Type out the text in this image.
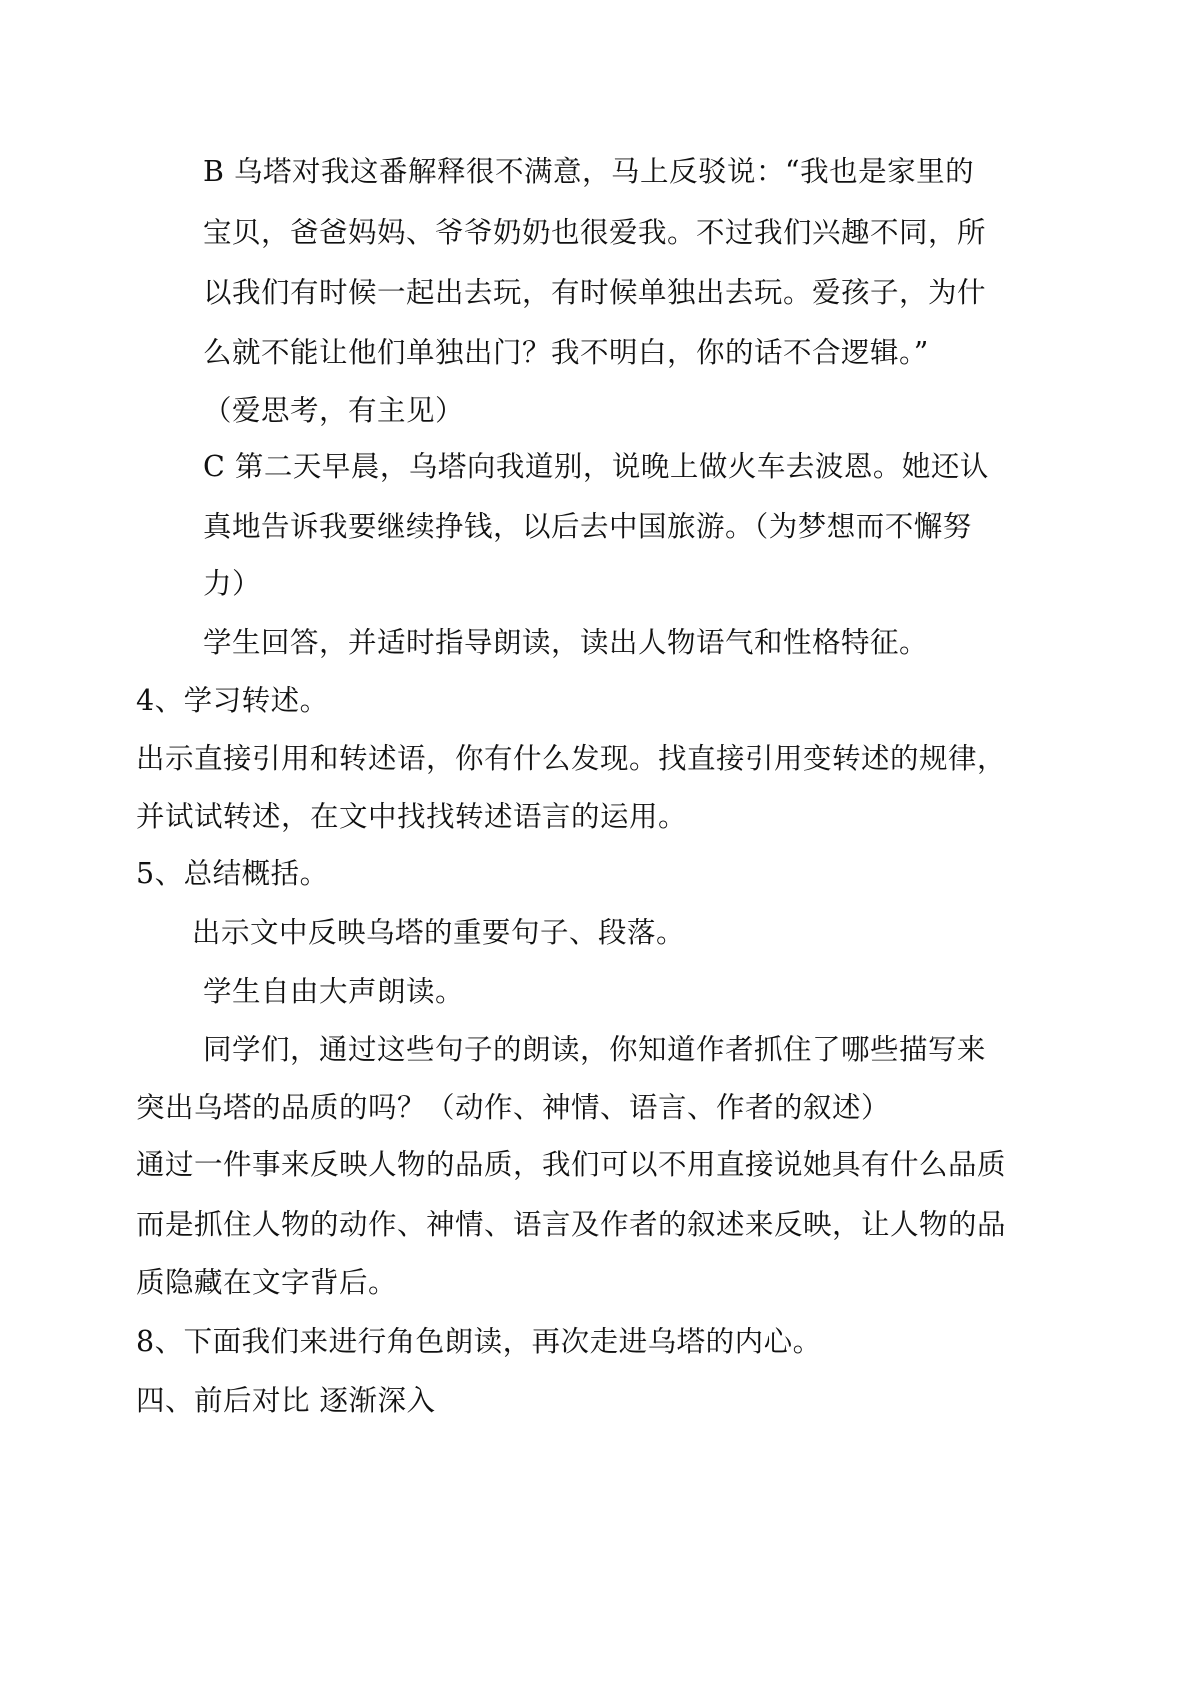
B 乌塔对我这番解释很不满意，马上反驳说：“我也是家里的
宝贝，爸爸妈妈、爷爷奶奶也很爱我。不过我们兴趣不同，所
以我们有时候一起出去玩，有时候单独出去玩。爱孩子，为什
么就不能让他们单独出门？我不明白，你的话不合逻辑。”
（爱思考，有主见）
C 第二天早晨，乌塔向我道别，说晚上做火车去波恩。她还认
真地告诉我要继续挣钱，以后去中国旅游。（为梦想而不懈努
力）
学生回答，并适时指导朗读，读出人物语气和性格特征。
4、学习转述。
出示直接引用和转述语，你有什么发现。找直接引用变转述的规律，
并试试转述，在文中找找转述语言的运用。
5、总结概括。
出示文中反映乌塔的重要句子、段落。
学生自由大声朗读。
同学们，通过这些句子的朗读，你知道作者抓住了哪些描写来
突出乌塔的品质的吗？（动作、神情、语言、作者的叙述）
通过一件事来反映人物的品质，我们可以不用直接说她具有什么品质
而是抓住人物的动作、神情、语言及作者的叙述来反映，让人物的品
质隐藏在文字背后。
8、下面我们来进行角色朗读，再次走进乌塔的内心。
四、前后对比 逐渐深入
